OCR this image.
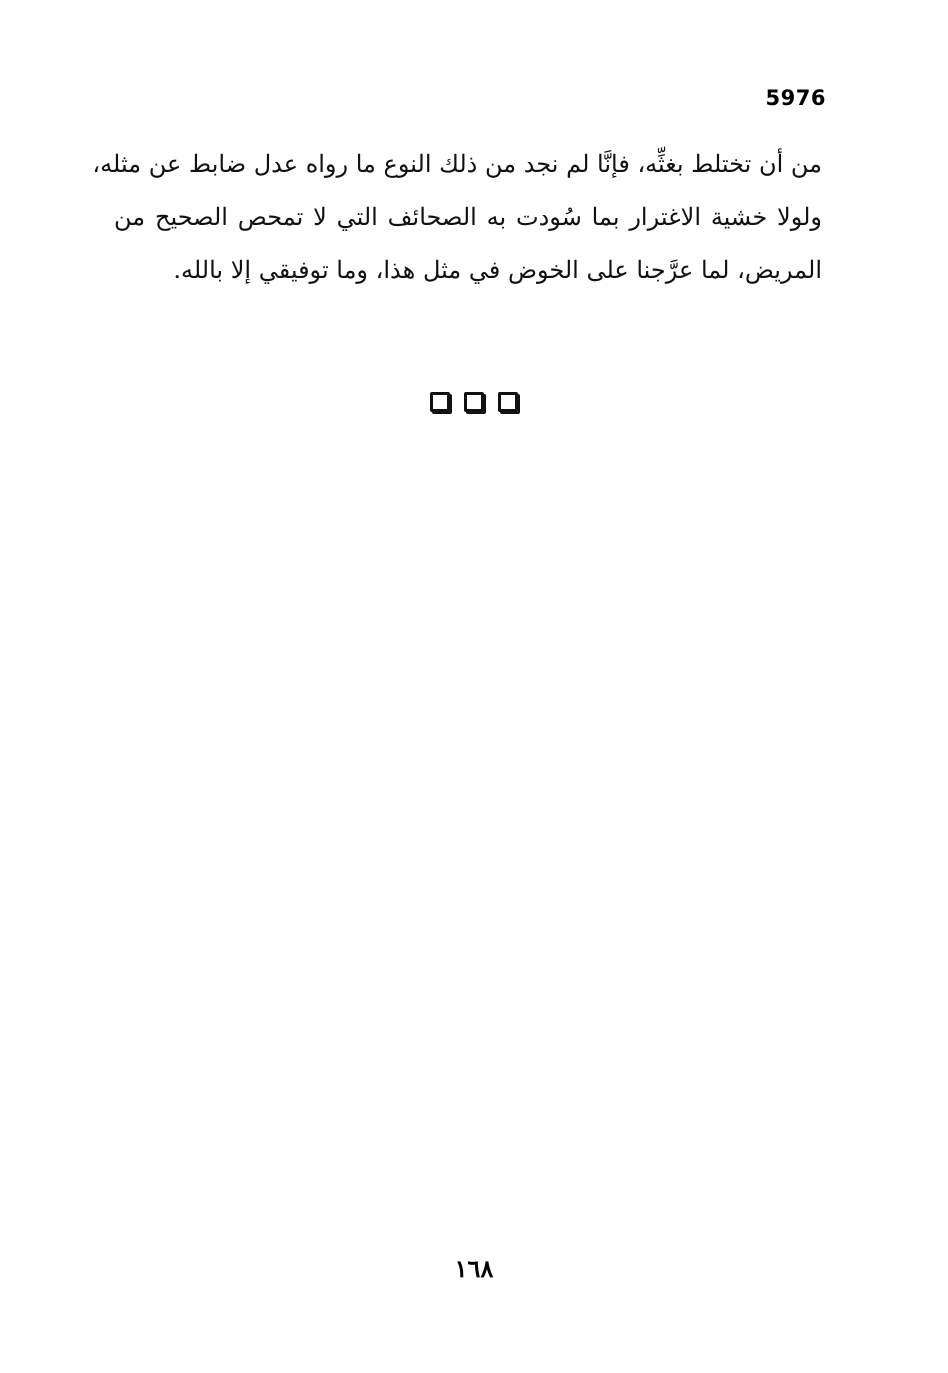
5976
من أن تختلط بغثِّه، فإنَّا لم نجد من ذلك النوع ما رواه عدل ضابط عن مثله،
ولولا خشية الاغترار بما سُودت به الصحائف التي لا تمحص الصحيح من
المريض، لما عرَّجنا على الخوض في مثل هذا، وما توفيقي إلا بالله.
١٦٨
